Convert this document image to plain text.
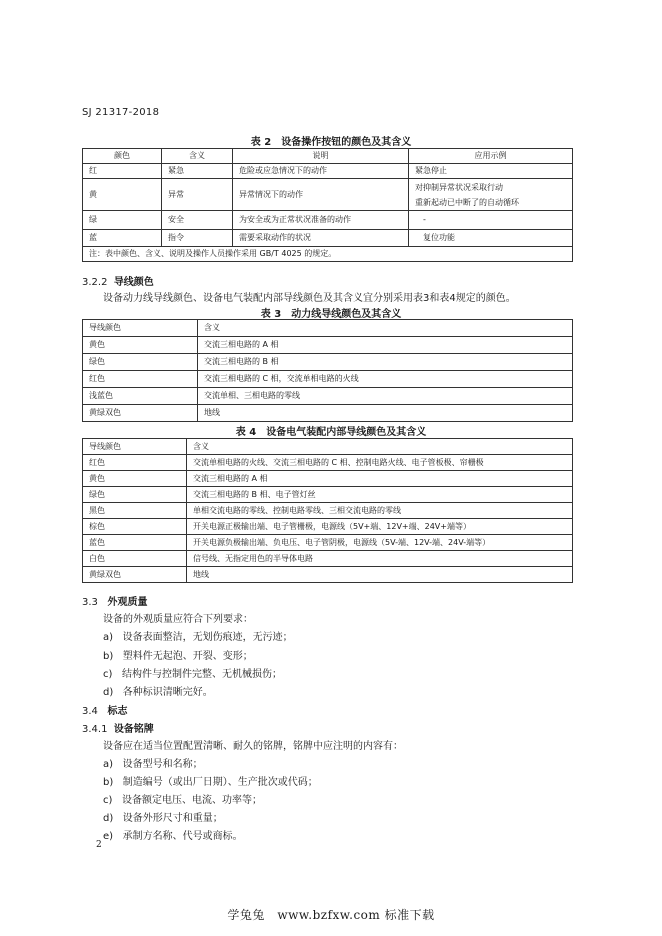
SJ 21317-2018
表 2　设备操作按钮的颜色及其含义
颜色	含义	说明	应用示例
红	紧急	危险或应急情况下的动作	紧急停止
黄	异常	异常情况下的动作	对抑制异常状况采取行动
重新起动已中断了的自动循环

绿	安全	为安全或为正常状况准备的动作	-
蓝	指令	需要采取动作的状况	复位功能
注：表中颜色、含义、说明及操作人员操作采用 GB/T 4025 的规定。			
3.2.2 导线颜色
设备动力线导线颜色、设备电气装配内部导线颜色及其含义宜分别采用表3和表4规定的颜色。
表 3　动力线导线颜色及其含义
导线颜色	含义
黄色	交流三相电路的 A 相
绿色	交流三相电路的 B 相
红色	交流三相电路的 C 相，交流单相电路的火线
浅蓝色	交流单相、三相电路的零线
黄绿双色	地线
表 4　设备电气装配内部导线颜色及其含义
导线颜色	含义
红色	交流单相电路的火线、交流三相电路的 C 相、控制电路火线、电子管板极、帘栅极
黄色	交流三相电路的 A 相
绿色	交流三相电路的 B 相、电子管灯丝
黑色	单相交流电路的零线、控制电路零线、三相交流电路的零线
棕色	开关电源正极输出端、电子管栅极，电源线（5V+端、12V+端、24V+端等）
蓝色	开关电源负极输出端、负电压、电子管阴极，电源线（5V-端、12V-端、24V-端等）
白色	信号线、无指定用色的半导体电路
黄绿双色	地线
3.3 外观质量
设备的外观质量应符合下列要求：
a) 设备表面整洁，无划伤痕迹，无污迹；
b) 塑料件无起泡、开裂、变形；
c) 结构件与控制件完整、无机械损伤；
d) 各种标识清晰完好。
3.4 标志
3.4.1 设备铭牌
设备应在适当位置配置清晰、耐久的铭牌，铭牌中应注明的内容有：
a) 设备型号和名称；
b) 制造编号（或出厂日期）、生产批次或代码；
c) 设备额定电压、电流、功率等；
d) 设备外形尺寸和重量；
e) 承制方名称、代号或商标。
2
学兔兔　www.bzfxw.com 标准下载
